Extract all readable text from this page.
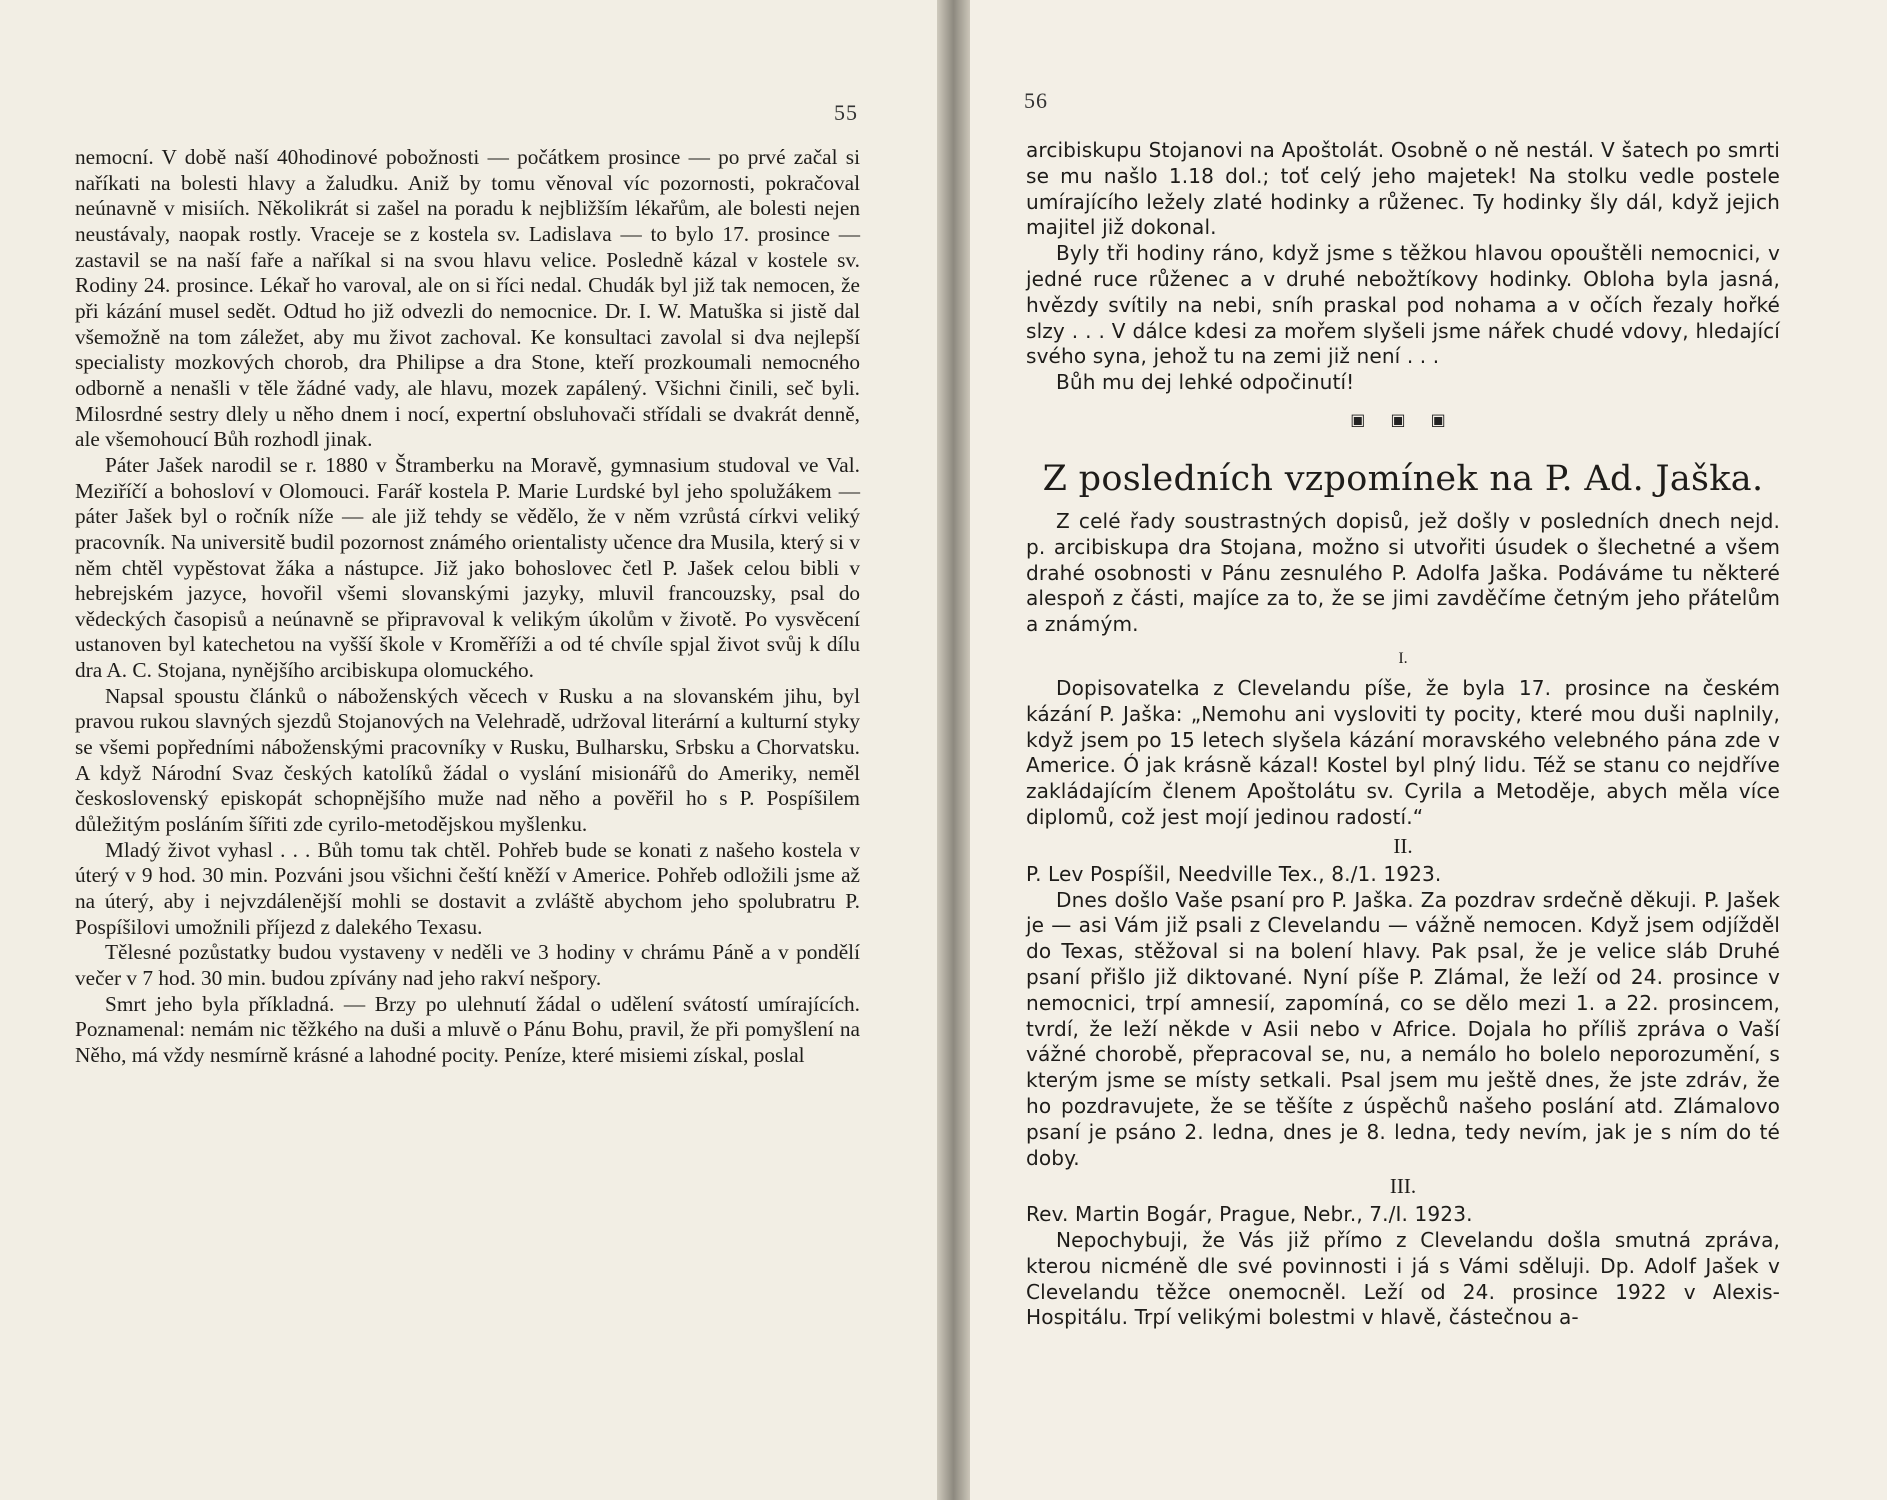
55

nemocní. V době naší 40hodinové pobožnosti — počátkem prosince — po prvé začal si naříkati na bolesti hlavy a žaludku. Aniž by tomu věnoval víc pozornosti, pokračoval neúnavně v misiích. Několikrát si zašel na poradu k nejbližším lékařům, ale bolesti nejen neustávaly, naopak rostly. Vraceje se z kostela sv. Ladislava — to bylo 17. prosince — zastavil se na naší faře a naříkal si na svou hlavu velice. Posledně kázal v kostele sv. Rodiny 24. prosince. Lékař ho varoval, ale on si říci nedal. Chudák byl již tak nemocen, že při kázání musel sedět. Odtud ho již odvezli do nemocnice. Dr. I. W. Matuška si jistě dal všemožně na tom záležet, aby mu život zachoval. Ke konsultaci zavolal si dva nejlepší specialisty mozkových chorob, dra Philipse a dra Stone, kteří prozkoumali nemocného odborně a nenašli v těle žádné vady, ale hlavu, mozek zapálený. Všichni činili, seč byli. Milosrdné sestry dlely u něho dnem i nocí, expertní obsluhovači střídali se dvakrát denně, ale všemohoucí Bůh rozhodl jinak.

Páter Jašek narodil se r. 1880 v Štramberku na Moravě, gymnasium studoval ve Val. Meziříčí a bohosloví v Olomouci. Farář kostela P. Marie Lurdské byl jeho spolužákem — páter Jašek byl o ročník níže — ale již tehdy se vědělo, že v něm vzrůstá církvi veliký pracovník. Na universitě budil pozornost známého orientalisty učence dra Musila, který si v něm chtěl vypěstovat žáka a nástupce. Již jako bohoslovec četl P. Jašek celou bibli v hebrejském jazyce, hovořil všemi slovanskými jazyky, mluvil francouzsky, psal do vědeckých časopisů a neúnavně se připravoval k velikým úkolům v životě. Po vysvěcení ustanoven byl katechetou na vyšší škole v Kroměříži a od té chvíle spjal život svůj k dílu dra A. C. Stojana, nynějšího arcibiskupa olomuckého.

Napsal spoustu článků o náboženských věcech v Rusku a na slovanském jihu, byl pravou rukou slavných sjezdů Stojanových na Velehradě, udržoval literární a kulturní styky se všemi popředními náboženskými pracovníky v Rusku, Bulharsku, Srbsku a Chorvatsku. A když Národní Svaz českých katolíků žádal o vyslání misionářů do Ameriky, neměl československý episkopát schopnějšího muže nad něho a pověřil ho s P. Pospíšilem důležitým posláním šířiti zde cyrilo-metodějskou myšlenku.

Mladý život vyhasl . . . Bůh tomu tak chtěl. Pohřeb bude se konati z našeho kostela v úterý v 9 hod. 30 min. Pozváni jsou všichni čeští kněží v Americe. Pohřeb odložili jsme až na úterý, aby i nejvzdálenější mohli se dostavit a zvláště abychom jeho spolubratru P. Pospíšilovi umožnili příjezd z dalekého Texasu.

Tělesné pozůstatky budou vystaveny v neděli ve 3 hodiny v chrámu Páně a v pondělí večer v 7 hod. 30 min. budou zpívány nad jeho rakví nešpory.

Smrt jeho byla příkladná. — Brzy po ulehnutí žádal o udělení svátostí umírajících. Poznamenal: nemám nic těžkého na duši a mluvě o Pánu Bohu, pravil, že při pomyšlení na Něho, má vždy nesmírně krásné a lahodné pocity. Peníze, které misiemi získal, poslal

56

arcibiskupu Stojanovi na Apoštolát. Osobně o ně nestál. V šatech po smrti se mu našlo 1.18 dol.; toť celý jeho majetek! Na stolku vedle postele umírajícího ležely zlaté hodinky a růženec. Ty hodinky šly dál, když jejich majitel již dokonal.

Byly tři hodiny ráno, když jsme s těžkou hlavou opouštěli nemocnici, v jedné ruce růženec a v druhé nebožtíkovy hodinky. Obloha byla jasná, hvězdy svítily na nebi, sníh praskal pod nohama a v očích řezaly hořké slzy . . . V dálce kdesi za mořem slyšeli jsme nářek chudé vdovy, hledající svého syna, jehož tu na zemi již není . . .

Bůh mu dej lehké odpočinutí!

▣ ▣ ▣
Z posledních vzpomínek na P. Ad. Jaška.

Z celé řady soustrastných dopisů, jež došly v posledních dnech nejd. p. arcibiskupa dra Stojana, možno si utvořiti úsudek o šlechetné a všem drahé osobnosti v Pánu zesnulého P. Adolfa Jaška. Podáváme tu některé alespoň z části, majíce za to, že se jimi zavděčíme četným jeho přátelům a známým.

I.

Dopisovatelka z Clevelandu píše, že byla 17. prosince na českém kázání P. Jaška: „Nemohu ani vysloviti ty pocity, které mou duši naplnily, když jsem po 15 letech slyšela kázání moravského velebného pána zde v Americe. Ó jak krásně kázal! Kostel byl plný lidu. Též se stanu co nejdříve zakládajícím členem Apoštolátu sv. Cyrila a Metoděje, abych měla více diplomů, což jest mojí jedinou radostí.“

II.

P. Lev Pospíšil, Needville Tex., 8./1. 1923.

Dnes došlo Vaše psaní pro P. Jaška. Za pozdrav srdečně děkuji. P. Jašek je — asi Vám již psali z Clevelandu — vážně nemocen. Když jsem odjížděl do Texas, stěžoval si na bolení hlavy. Pak psal, že je velice sláb Druhé psaní přišlo již diktované. Nyní píše P. Zlámal, že leží od 24. prosince v nemocnici, trpí amnesií, zapomíná, co se dělo mezi 1. a 22. prosincem, tvrdí, že leží někde v Asii nebo v Africe. Dojala ho příliš zpráva o Vaší vážné chorobě, přepracoval se, nu, a nemálo ho bolelo neporozumění, s kterým jsme se místy setkali. Psal jsem mu ještě dnes, že jste zdráv, že ho pozdravujete, že se těšíte z úspěchů našeho poslání atd. Zlámalovo psaní je psáno 2. ledna, dnes je 8. ledna, tedy nevím, jak je s ním do té doby.

III.

Rev. Martin Bogár, Prague, Nebr., 7./I. 1923.

Nepochybuji, že Vás již přímo z Clevelandu došla smutná zpráva, kterou nicméně dle své povinnosti i já s Vámi sděluji. Dp. Adolf Jašek v Clevelandu těžce onemocněl. Leží od 24. prosince 1922 v Alexis-Hospitálu. Trpí velikými bolestmi v hlavě, částečnou a-
